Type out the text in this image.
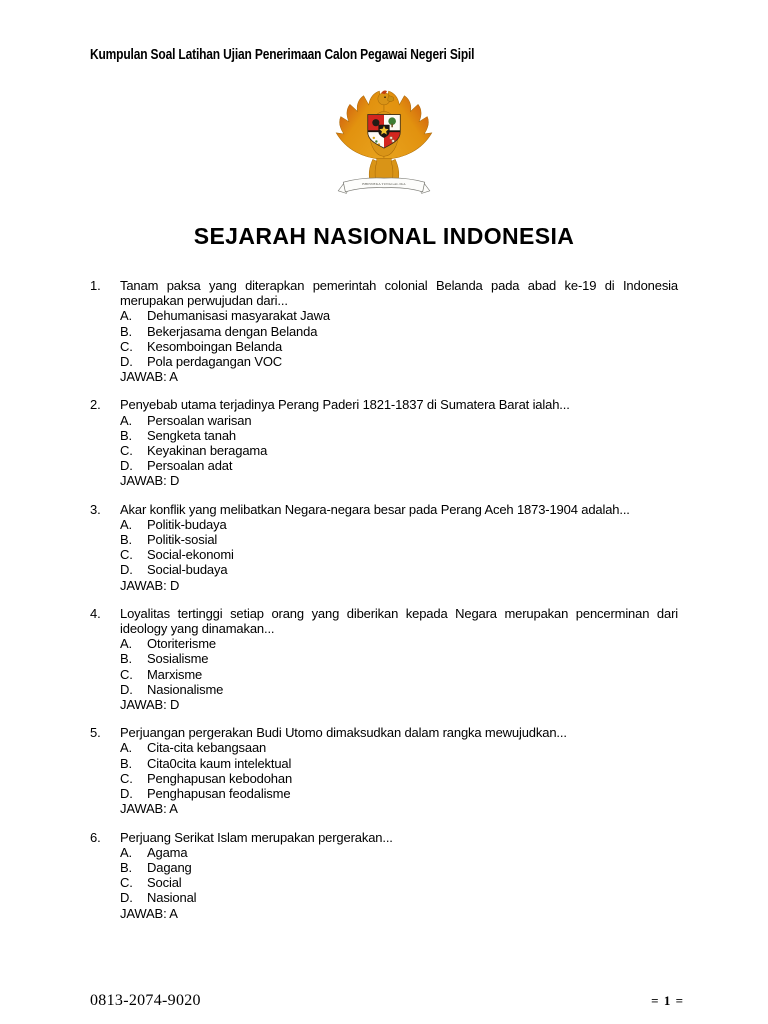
Kumpulan Soal Latihan Ujian Penerimaan Calon Pegawai Negeri Sipil
BHINNEKA TUNGGAL IKA
SEJARAH NASIONAL INDONESIA
1.	Tanam paksa yang diterapkan pemerintah colonial Belanda pada abad ke-19 di Indonesia merupakan perwujudan dari...
A.	Dehumanisasi masyarakat Jawa
B.	Bekerjasama dengan Belanda
C.	Kesomboingan Belanda
D.	Pola perdagangan VOC
JAWAB: A
2.	Penyebab utama terjadinya Perang Paderi 1821-1837 di Sumatera Barat ialah...
A.	Persoalan warisan
B.	Sengketa tanah
C.	Keyakinan beragama
D.	Persoalan adat
JAWAB: D
3.	Akar konflik yang melibatkan Negara-negara besar pada Perang Aceh 1873-1904 adalah...
A.	Politik-budaya
B.	Politik-sosial
C.	Social-ekonomi
D.	Social-budaya
JAWAB: D
4.	Loyalitas tertinggi setiap orang yang diberikan kepada Negara merupakan pencerminan dari ideology yang dinamakan...
A.	Otoriterisme
B.	Sosialisme
C.	Marxisme
D.	Nasionalisme
JAWAB: D
5.	Perjuangan pergerakan Budi Utomo dimaksudkan dalam rangka mewujudkan...
A.	Cita-cita kebangsaan
B.	Cita0cita kaum intelektual
C.	Penghapusan kebodohan
D.	Penghapusan feodalisme
JAWAB: A
6.	Perjuang Serikat Islam merupakan pergerakan...
A.	Agama
B.	Dagang
C.	Social
D.	Nasional
JAWAB: A
0813-2074-9020	= 1 =
